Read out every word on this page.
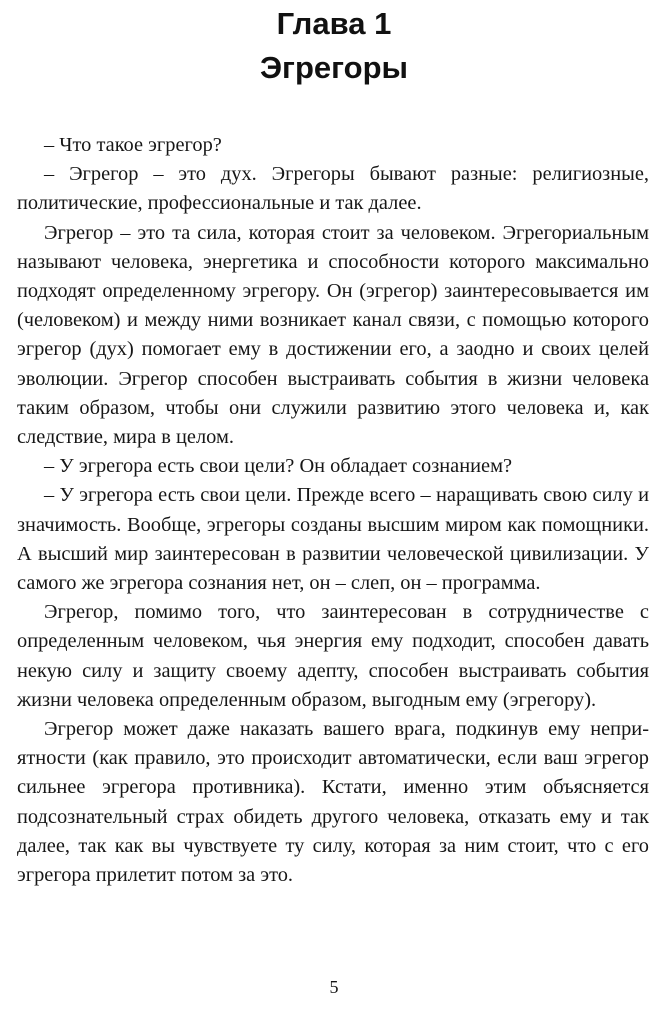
Глава 1
Эгрегоры

– Что такое эгрегор?

– Эгрегор – это дух. Эгрегоры бывают разные: религиозные, политические, профессиональные и так далее.

Эгрегор – это та сила, которая стоит за человеком. Эгрегориальным называют человека, энергетика и способности которого максимально подходят определенному эгрегору. Он (эгрегор) заинтересовывается им (человеком) и между ними возникает канал связи, с помощью которого эгрегор (дух) помогает ему в достижении его, а заодно и своих целей эволюции. Эгрегор способен выстраивать события в жизни человека таким образом, чтобы они служили развитию этого человека и, как следствие, мира в целом.

– У эгрегора есть свои цели? Он обладает сознанием?

– У эгрегора есть свои цели. Прежде всего – наращивать свою силу и значимость. Вообще, эгрегоры созданы высшим миром как помощники. А высший мир заинтересован в развитии человеческой цивилизации. У самого же эгрегора сознания нет, он – слеп, он – программа.

Эгрегор, помимо того, что заинтересован в сотрудничестве с определенным человеком, чья энергия ему подходит, способен давать некую силу и защиту своему адепту, способен выстраивать события жизни человека определенным образом, выгодным ему (эгрегору).

Эгрегор может даже наказать вашего врага, подкинув ему неприятности (как правило, это происходит автоматически, если ваш эгрегор сильнее эгрегора противника). Кстати, именно этим объясняется подсознательный страх обидеть другого человека, отказать ему и так далее, так как вы чувствуете ту силу, которая за ним стоит, что с его эгрегора прилетит потом за это.

5
